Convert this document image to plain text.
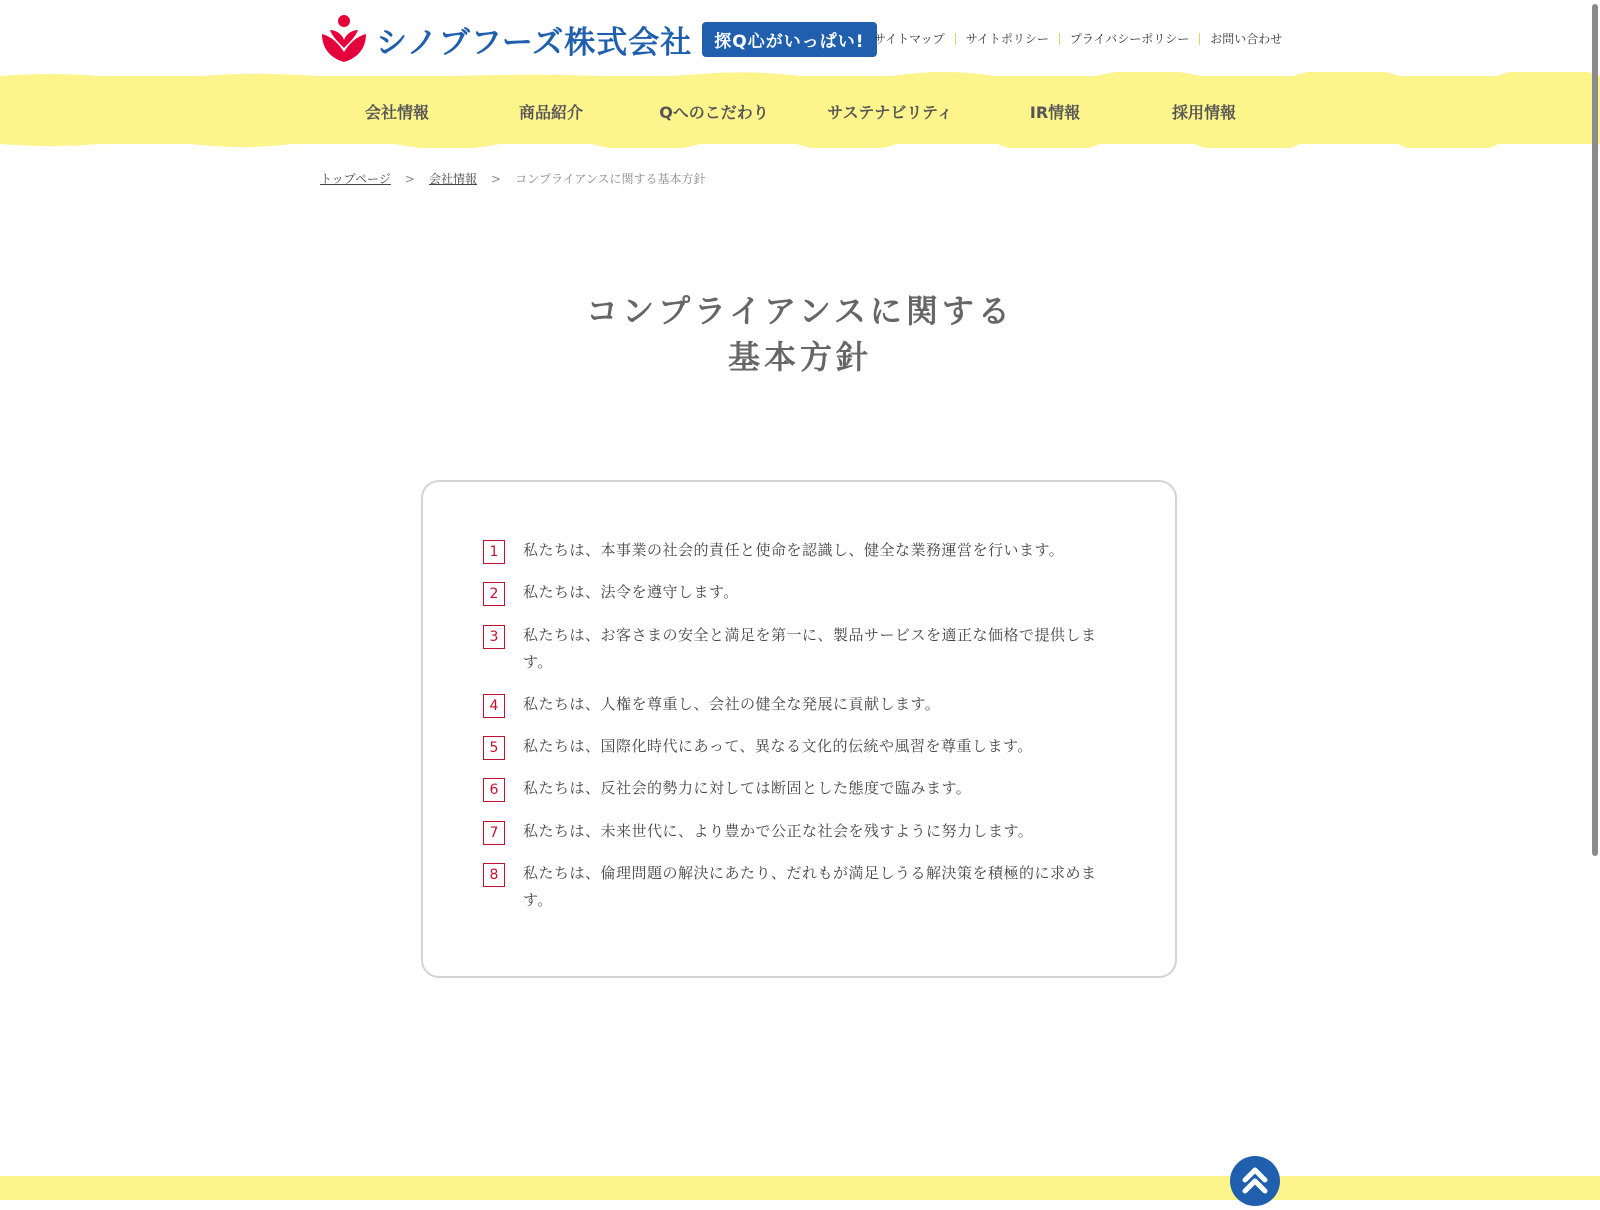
シノブフーズ株式会社	探Q心がいっぱい! サイトマップ サイトポリシー プライバシーポリシー お問い合わせ
会社情報	商品紹介	Qへのこだわり	サステナビリティ	IR情報	採用情報
トップページ > 会社情報 > コンプライアンスに関する基本方針
コンプライアンスに関する
基本方針
1	私たちは、本事業の社会的責任と使命を認識し、健全な業務運営を行います。
2	私たちは、法令を遵守します。
3	私たちは、お客さまの安全と満足を第一に、製品サービスを適正な価格で提供します。
4	私たちは、人権を尊重し、会社の健全な発展に貢献します。
5	私たちは、国際化時代にあって、異なる文化的伝統や風習を尊重します。
6	私たちは、反社会的勢力に対しては断固とした態度で臨みます。
7	私たちは、未来世代に、より豊かで公正な社会を残すように努力します。
8	私たちは、倫理問題の解決にあたり、だれもが満足しうる解決策を積極的に求めます。
